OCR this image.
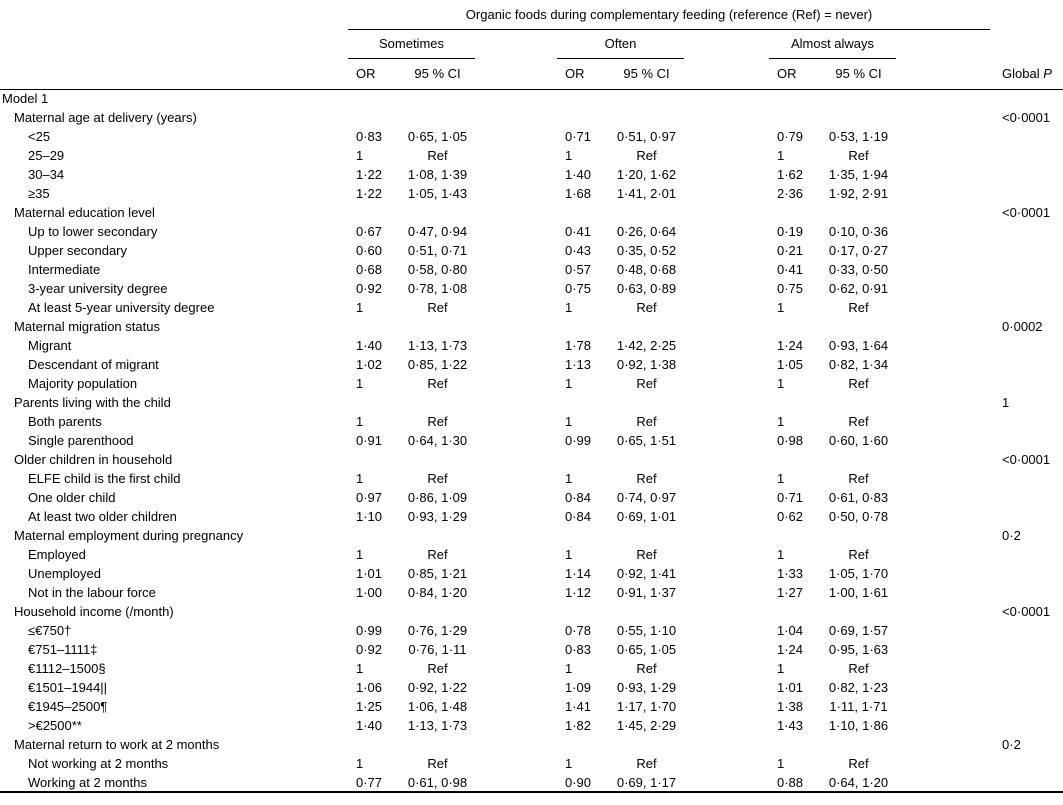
	Organic foods during complementary feeding (reference (Ref) = never)									
	Sometimes			Often			Almost always			
	OR	95 % CI		OR	95 % CI		OR	95 % CI		Global P
Model 1										
Maternal age at delivery (years)										<0·0001
<25	0·83	0·65, 1·05		0·71	0·51, 0·97		0·79	0·53, 1·19		
25–29	1	Ref		1	Ref		1	Ref		
30–34	1·22	1·08, 1·39		1·40	1·20, 1·62		1·62	1·35, 1·94		
≥35	1·22	1·05, 1·43		1·68	1·41, 2·01		2·36	1·92, 2·91		
Maternal education level										<0·0001
Up to lower secondary	0·67	0·47, 0·94		0·41	0·26, 0·64		0·19	0·10, 0·36		
Upper secondary	0·60	0·51, 0·71		0·43	0·35, 0·52		0·21	0·17, 0·27		
Intermediate	0·68	0·58, 0·80		0·57	0·48, 0·68		0·41	0·33, 0·50		
3-year university degree	0·92	0·78, 1·08		0·75	0·63, 0·89		0·75	0·62, 0·91		
At least 5-year university degree	1	Ref		1	Ref		1	Ref		
Maternal migration status										0·0002
Migrant	1·40	1·13, 1·73		1·78	1·42, 2·25		1·24	0·93, 1·64		
Descendant of migrant	1·02	0·85, 1·22		1·13	0·92, 1·38		1·05	0·82, 1·34		
Majority population	1	Ref		1	Ref		1	Ref		
Parents living with the child										1
Both parents	1	Ref		1	Ref		1	Ref		
Single parenthood	0·91	0·64, 1·30		0·99	0·65, 1·51		0·98	0·60, 1·60		
Older children in household										<0·0001
ELFE child is the first child	1	Ref		1	Ref		1	Ref		
One older child	0·97	0·86, 1·09		0·84	0·74, 0·97		0·71	0·61, 0·83		
At least two older children	1·10	0·93, 1·29		0·84	0·69, 1·01		0·62	0·50, 0·78		
Maternal employment during pregnancy										0·2
Employed	1	Ref		1	Ref		1	Ref		
Unemployed	1·01	0·85, 1·21		1·14	0·92, 1·41		1·33	1·05, 1·70		
Not in the labour force	1·00	0·84, 1·20		1·12	0·91, 1·37		1·27	1·00, 1·61		
Household income (/month)										<0·0001
≤€750†	0·99	0·76, 1·29		0·78	0·55, 1·10		1·04	0·69, 1·57		
€751–1111‡	0·92	0·76, 1·11		0·83	0·65, 1·05		1·24	0·95, 1·63		
€1112–1500§	1	Ref		1	Ref		1	Ref		
€1501–1944||	1·06	0·92, 1·22		1·09	0·93, 1·29		1·01	0·82, 1·23		
€1945–2500¶	1·25	1·06, 1·48		1·41	1·17, 1·70		1·38	1·11, 1·71		
>€2500**	1·40	1·13, 1·73		1·82	1·45, 2·29		1·43	1·10, 1·86		
Maternal return to work at 2 months										0·2
Not working at 2 months	1	Ref		1	Ref		1	Ref		
Working at 2 months	0·77	0·61, 0·98		0·90	0·69, 1·17		0·88	0·64, 1·20		
